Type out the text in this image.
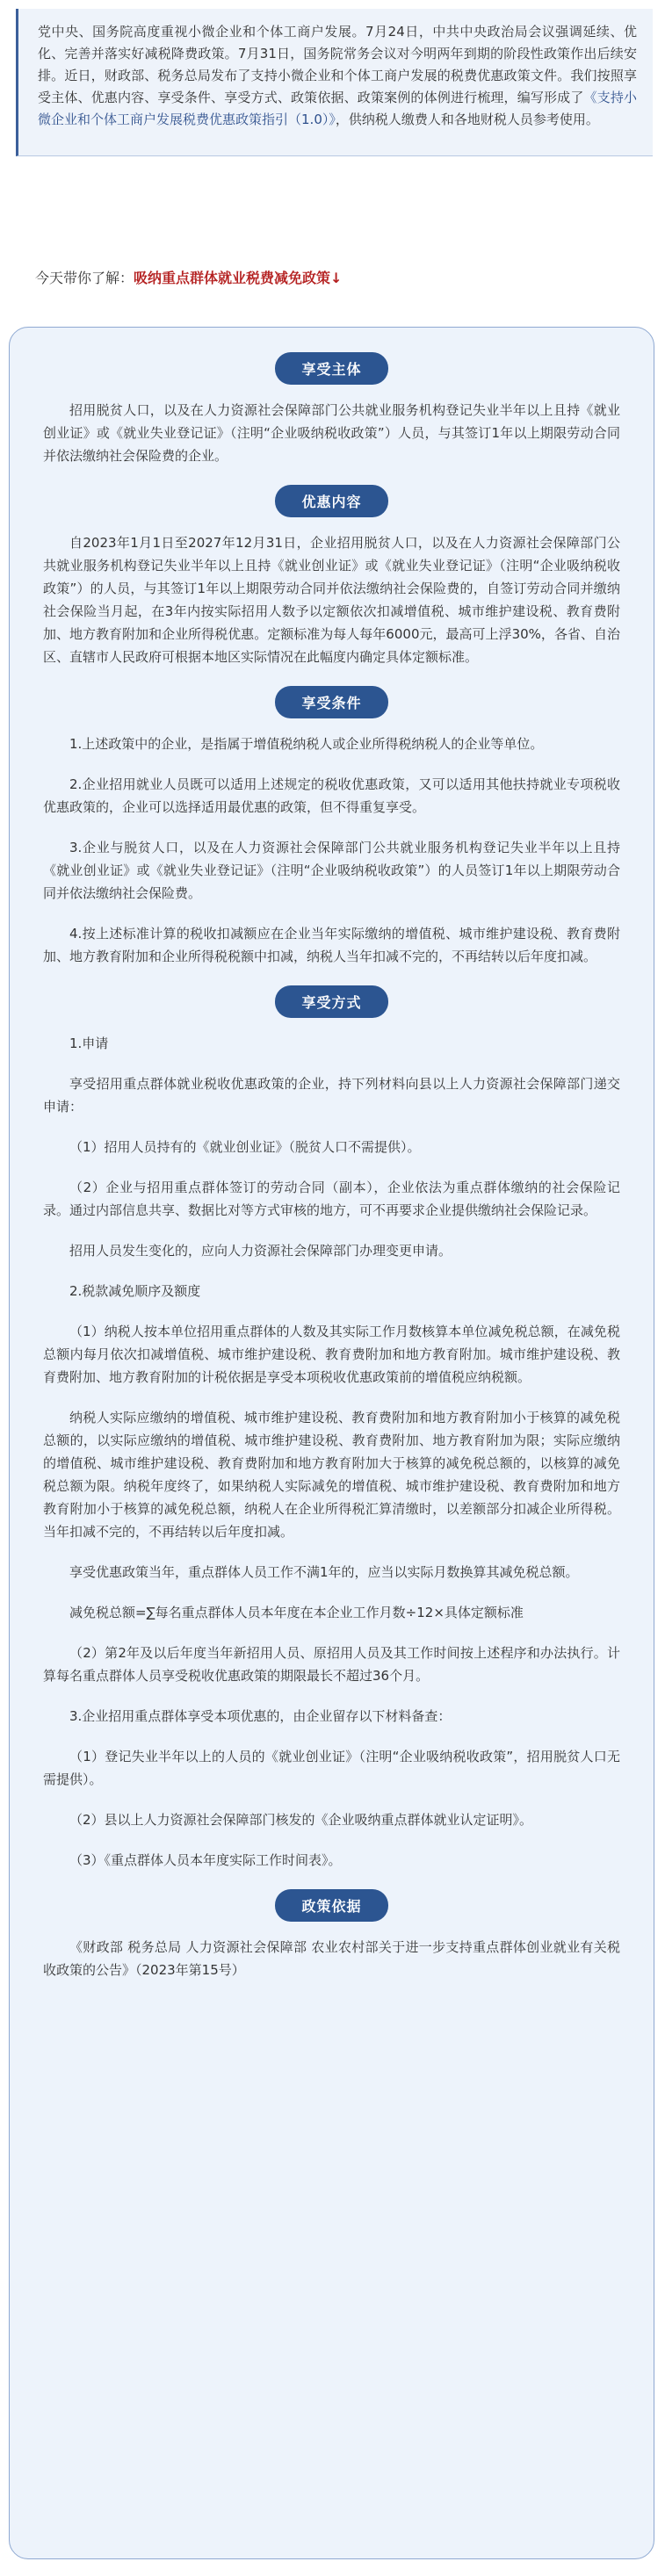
党中央、国务院高度重视小微企业和个体工商户发展。7月24日，中共中央政治局会议强调延续、优化、完善并落实好减税降费政策。7月31日，国务院常务会议对今明两年到期的阶段性政策作出后续安排。近日，财政部、税务总局发布了支持小微企业和个体工商户发展的税费优惠政策文件。我们按照享受主体、优惠内容、享受条件、享受方式、政策依据、政策案例的体例进行梳理，编写形成了《支持小微企业和个体工商户发展税费优惠政策指引（1.0）》，供纳税人缴费人和各地财税人员参考使用。
今天带你了解：吸纳重点群体就业税费减免政策↓
享受主体

招用脱贫人口，以及在人力资源社会保障部门公共就业服务机构登记失业半年以上且持《就业创业证》或《就业失业登记证》（注明“企业吸纳税收政策”）人员，与其签订1年以上期限劳动合同并依法缴纳社会保险费的企业。

优惠内容

自2023年1月1日至2027年12月31日，企业招用脱贫人口，以及在人力资源社会保障部门公共就业服务机构登记失业半年以上且持《就业创业证》或《就业失业登记证》（注明“企业吸纳税收政策”）的人员，与其签订1年以上期限劳动合同并依法缴纳社会保险费的，自签订劳动合同并缴纳社会保险当月起，在3年内按实际招用人数予以定额依次扣减增值税、城市维护建设税、教育费附加、地方教育附加和企业所得税优惠。定额标准为每人每年6000元，最高可上浮30%，各省、自治区、直辖市人民政府可根据本地区实际情况在此幅度内确定具体定额标准。

享受条件

1.上述政策中的企业，是指属于增值税纳税人或企业所得税纳税人的企业等单位。

2.企业招用就业人员既可以适用上述规定的税收优惠政策，又可以适用其他扶持就业专项税收优惠政策的，企业可以选择适用最优惠的政策，但不得重复享受。

3.企业与脱贫人口，以及在人力资源社会保障部门公共就业服务机构登记失业半年以上且持《就业创业证》或《就业失业登记证》（注明“企业吸纳税收政策”）的人员签订1年以上期限劳动合同并依法缴纳社会保险费。

4.按上述标准计算的税收扣减额应在企业当年实际缴纳的增值税、城市维护建设税、教育费附加、地方教育附加和企业所得税税额中扣减，纳税人当年扣减不完的，不再结转以后年度扣减。

享受方式

1.申请

享受招用重点群体就业税收优惠政策的企业，持下列材料向县以上人力资源社会保障部门递交申请：

（1）招用人员持有的《就业创业证》（脱贫人口不需提供）。

（2）企业与招用重点群体签订的劳动合同（副本），企业依法为重点群体缴纳的社会保险记录。通过内部信息共享、数据比对等方式审核的地方，可不再要求企业提供缴纳社会保险记录。

招用人员发生变化的，应向人力资源社会保障部门办理变更申请。

2.税款减免顺序及额度

（1）纳税人按本单位招用重点群体的人数及其实际工作月数核算本单位减免税总额，在减免税总额内每月依次扣减增值税、城市维护建设税、教育费附加和地方教育附加。城市维护建设税、教育费附加、地方教育附加的计税依据是享受本项税收优惠政策前的增值税应纳税额。

纳税人实际应缴纳的增值税、城市维护建设税、教育费附加和地方教育附加小于核算的减免税总额的，以实际应缴纳的增值税、城市维护建设税、教育费附加、地方教育附加为限；实际应缴纳的增值税、城市维护建设税、教育费附加和地方教育附加大于核算的减免税总额的，以核算的减免税总额为限。纳税年度终了，如果纳税人实际减免的增值税、城市维护建设税、教育费附加和地方教育附加小于核算的减免税总额，纳税人在企业所得税汇算清缴时，以差额部分扣减企业所得税。当年扣减不完的，不再结转以后年度扣减。

享受优惠政策当年，重点群体人员工作不满1年的，应当以实际月数换算其减免税总额。

减免税总额=∑每名重点群体人员本年度在本企业工作月数÷12×具体定额标准

（2）第2年及以后年度当年新招用人员、原招用人员及其工作时间按上述程序和办法执行。计算每名重点群体人员享受税收优惠政策的期限最长不超过36个月。

3.企业招用重点群体享受本项优惠的，由企业留存以下材料备查：

（1）登记失业半年以上的人员的《就业创业证》（注明“企业吸纳税收政策”，招用脱贫人口无需提供）。

（2）县以上人力资源社会保障部门核发的《企业吸纳重点群体就业认定证明》。

（3）《重点群体人员本年度实际工作时间表》。

政策依据

《财政部 税务总局 人力资源社会保障部 农业农村部关于进一步支持重点群体创业就业有关税收政策的公告》（2023年第15号）
